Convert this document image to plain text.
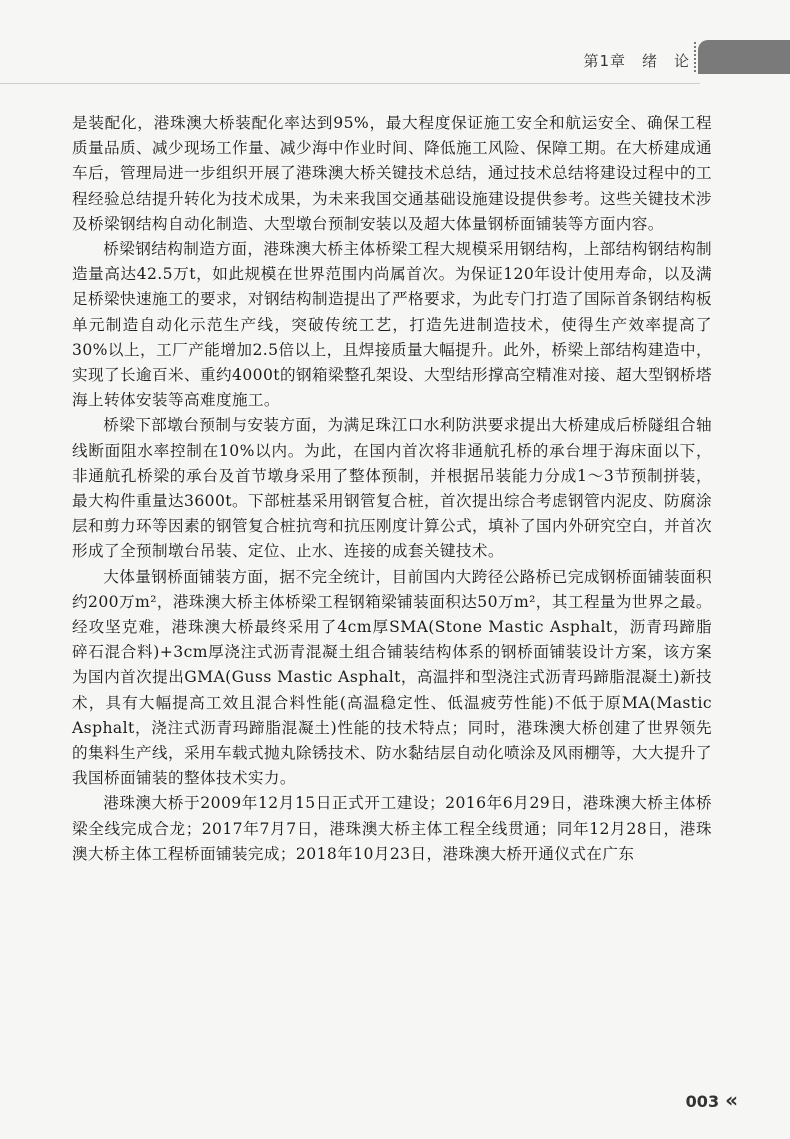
第1章　绪　论

是装配化，港珠澳大桥装配化率达到95%，最大程度保证施工安全和航运安全、确保工程质量品质、减少现场工作量、减少海中作业时间、降低施工风险、保障工期。在大桥建成通车后，管理局进一步组织开展了港珠澳大桥关键技术总结，通过技术总结将建设过程中的工程经验总结提升转化为技术成果，为未来我国交通基础设施建设提供参考。这些关键技术涉及桥梁钢结构自动化制造、大型墩台预制安装以及超大体量钢桥面铺装等方面内容。

桥梁钢结构制造方面，港珠澳大桥主体桥梁工程大规模采用钢结构，上部结构钢结构制造量高达42.5万t，如此规模在世界范围内尚属首次。为保证120年设计使用寿命，以及满足桥梁快速施工的要求，对钢结构制造提出了严格要求，为此专门打造了国际首条钢结构板单元制造自动化示范生产线，突破传统工艺，打造先进制造技术，使得生产效率提高了30%以上，工厂产能增加2.5倍以上，且焊接质量大幅提升。此外，桥梁上部结构建造中，实现了长逾百米、重约4000t的钢箱梁整孔架设、大型结形撑高空精准对接、超大型钢桥塔海上转体安装等高难度施工。

桥梁下部墩台预制与安装方面，为满足珠江口水利防洪要求提出大桥建成后桥隧组合轴线断面阻水率控制在10%以内。为此，在国内首次将非通航孔桥的承台埋于海床面以下，非通航孔桥梁的承台及首节墩身采用了整体预制，并根据吊装能力分成1～3节预制拼装，最大构件重量达3600t。下部桩基采用钢管复合桩，首次提出综合考虑钢管内泥皮、防腐涂层和剪力环等因素的钢管复合桩抗弯和抗压刚度计算公式，填补了国内外研究空白，并首次形成了全预制墩台吊装、定位、止水、连接的成套关键技术。

大体量钢桥面铺装方面，据不完全统计，目前国内大跨径公路桥已完成钢桥面铺装面积约200万m²，港珠澳大桥主体桥梁工程钢箱梁铺装面积达50万m²，其工程量为世界之最。经攻坚克难，港珠澳大桥最终采用了4cm厚SMA(Stone Mastic Asphalt，沥青玛蹄脂碎石混合料)+3cm厚浇注式沥青混凝土组合铺装结构体系的钢桥面铺装设计方案，该方案为国内首次提出GMA(Guss Mastic Asphalt，高温拌和型浇注式沥青玛蹄脂混凝土)新技术，具有大幅提高工效且混合料性能(高温稳定性、低温疲劳性能)不低于原MA(Mastic Asphalt，浇注式沥青玛蹄脂混凝土)性能的技术特点；同时，港珠澳大桥创建了世界领先的集料生产线，采用车载式抛丸除锈技术、防水黏结层自动化喷涂及风雨棚等，大大提升了我国桥面铺装的整体技术实力。

港珠澳大桥于2009年12月15日正式开工建设；2016年6月29日，港珠澳大桥主体桥梁全线完成合龙；2017年7月7日，港珠澳大桥主体工程全线贯通；同年12月28日，港珠澳大桥主体工程桥面铺装完成；2018年10月23日，港珠澳大桥开通仪式在广东

003 «
